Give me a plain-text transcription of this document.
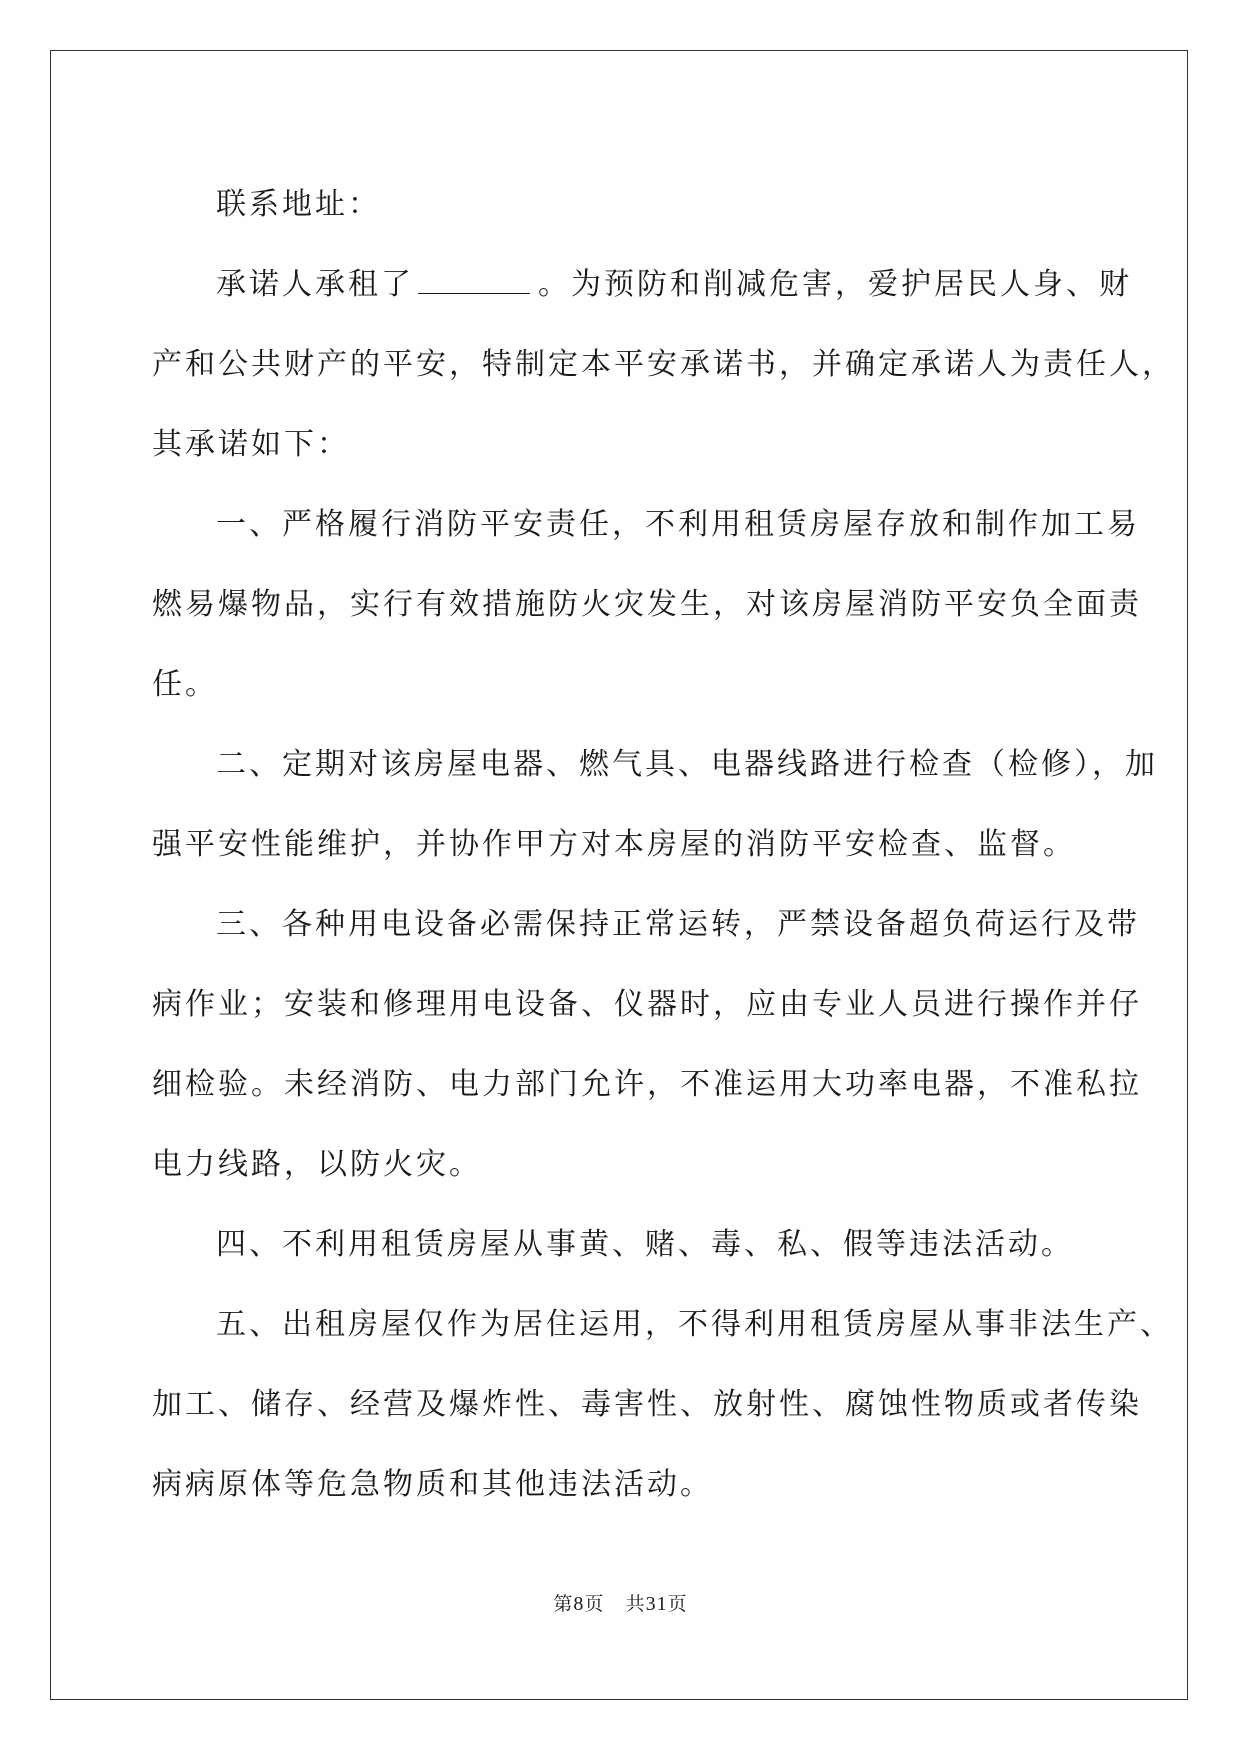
联系地址：

承诺人承租了	。为预防和削减危害，爱护居民人身、财
产和公共财产的平安，特制定本平安承诺书，并确定承诺人为责任人，
其承诺如下：

一、严格履行消防平安责任，不利用租赁房屋存放和制作加工易
燃易爆物品，实行有效措施防火灾发生，对该房屋消防平安负全面责
任。

二、定期对该房屋电器、燃气具、电器线路进行检查（检修），加
强平安性能维护，并协作甲方对本房屋的消防平安检查、监督。

三、各种用电设备必需保持正常运转，严禁设备超负荷运行及带
病作业；安装和修理用电设备、仪器时，应由专业人员进行操作并仔
细检验。未经消防、电力部门允许，不准运用大功率电器，不准私拉
电力线路，以防火灾。

四、不利用租赁房屋从事黄、赌、毒、私、假等违法活动。

五、出租房屋仅作为居住运用，不得利用租赁房屋从事非法生产、
加工、储存、经营及爆炸性、毒害性、放射性、腐蚀性物质或者传染
病病原体等危急物质和其他违法活动。

第8页 共31页
